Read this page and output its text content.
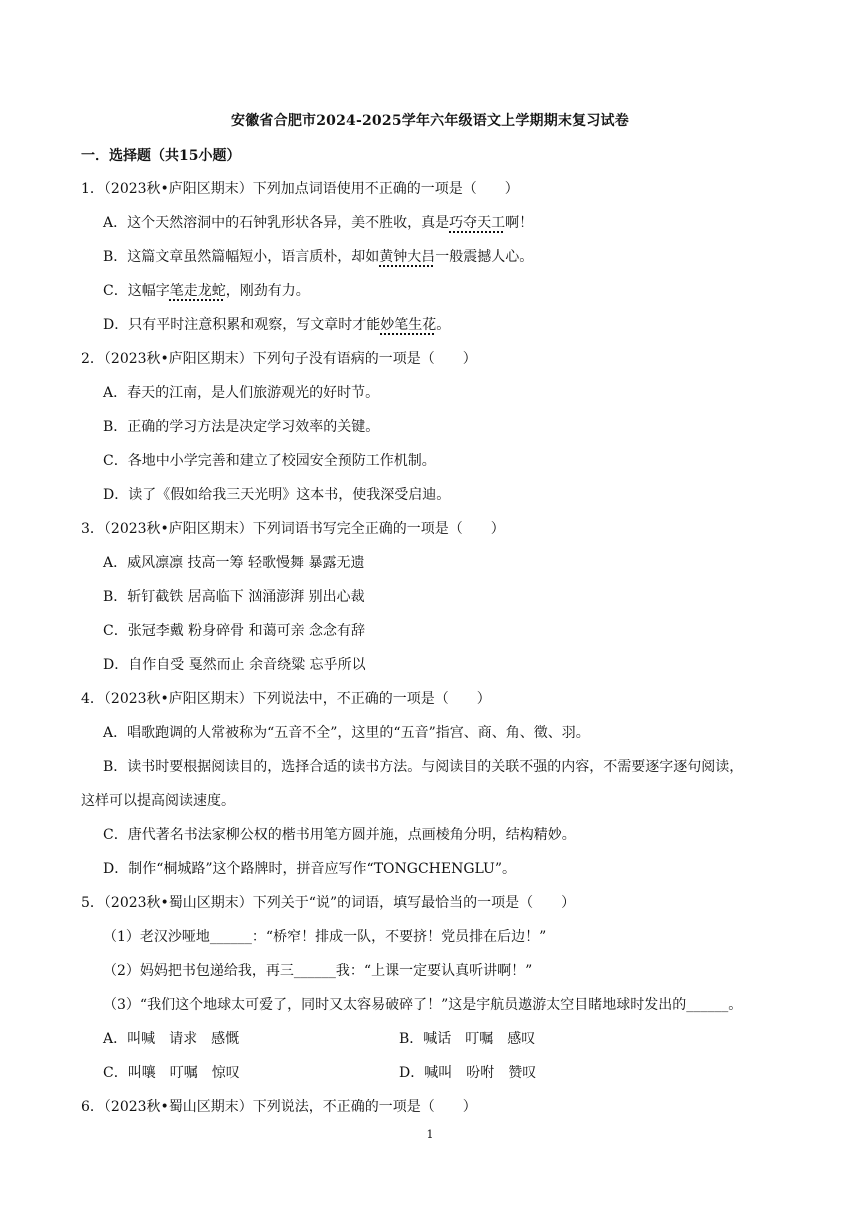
安徽省合肥市2024-2025学年六年级语文上学期期末复习试卷
一．选择题（共15小题）
1．（2023秋•庐阳区期末）下列加点词语使用不正确的一项是（　　）
A．这个天然溶洞中的石钟乳形状各异，美不胜收，真是巧夺天工啊！
B．这篇文章虽然篇幅短小，语言质朴，却如黄钟大吕一般震撼人心。
C．这幅字笔走龙蛇，刚劲有力。
D．只有平时注意积累和观察，写文章时才能妙笔生花。
2．（2023秋•庐阳区期末）下列句子没有语病的一项是（　　）
A．春天的江南，是人们旅游观光的好时节。
B．正确的学习方法是决定学习效率的关键。
C．各地中小学完善和建立了校园安全预防工作机制。
D．读了《假如给我三天光明》这本书，使我深受启迪。
3．（2023秋•庐阳区期末）下列词语书写完全正确的一项是（　　）
A．威风凛凛 技高一筹 轻歌慢舞 暴露无遗
B．斩钉截铁 居高临下 汹涌澎湃 别出心裁
C．张冠李戴 粉身碎骨 和蔼可亲 念念有辞
D．自作自受 戛然而止 余音绕粱 忘乎所以
4．（2023秋•庐阳区期末）下列说法中，不正确的一项是（　　）
A．唱歌跑调的人常被称为“五音不全”，这里的“五音”指宫、商、角、徵、羽。
B．读书时要根据阅读目的，选择合适的读书方法。与阅读目的关联不强的内容，不需要逐字逐句阅读，
这样可以提高阅读速度。
C．唐代著名书法家柳公权的楷书用笔方圆并施，点画棱角分明，结构精妙。
D．制作“桐城路”这个路牌时，拼音应写作“TONGCHENGLU”。
5．（2023秋•蜀山区期末）下列关于“说”的词语，填写最恰当的一项是（　　）
（1）老汉沙哑地______：“桥窄！排成一队，不要挤！党员排在后边！”
（2）妈妈把书包递给我，再三______我：“上课一定要认真听讲啊！”
（3）“我们这个地球太可爱了，同时又太容易破碎了！”这是宇航员遨游太空目睹地球时发出的______。
A．叫喊　请求　感慨	B．喊话　叮嘱　感叹
C．叫嚷　叮嘱　惊叹	D．喊叫　吩咐　赞叹
6．（2023秋•蜀山区期末）下列说法，不正确的一项是（　　）
1
